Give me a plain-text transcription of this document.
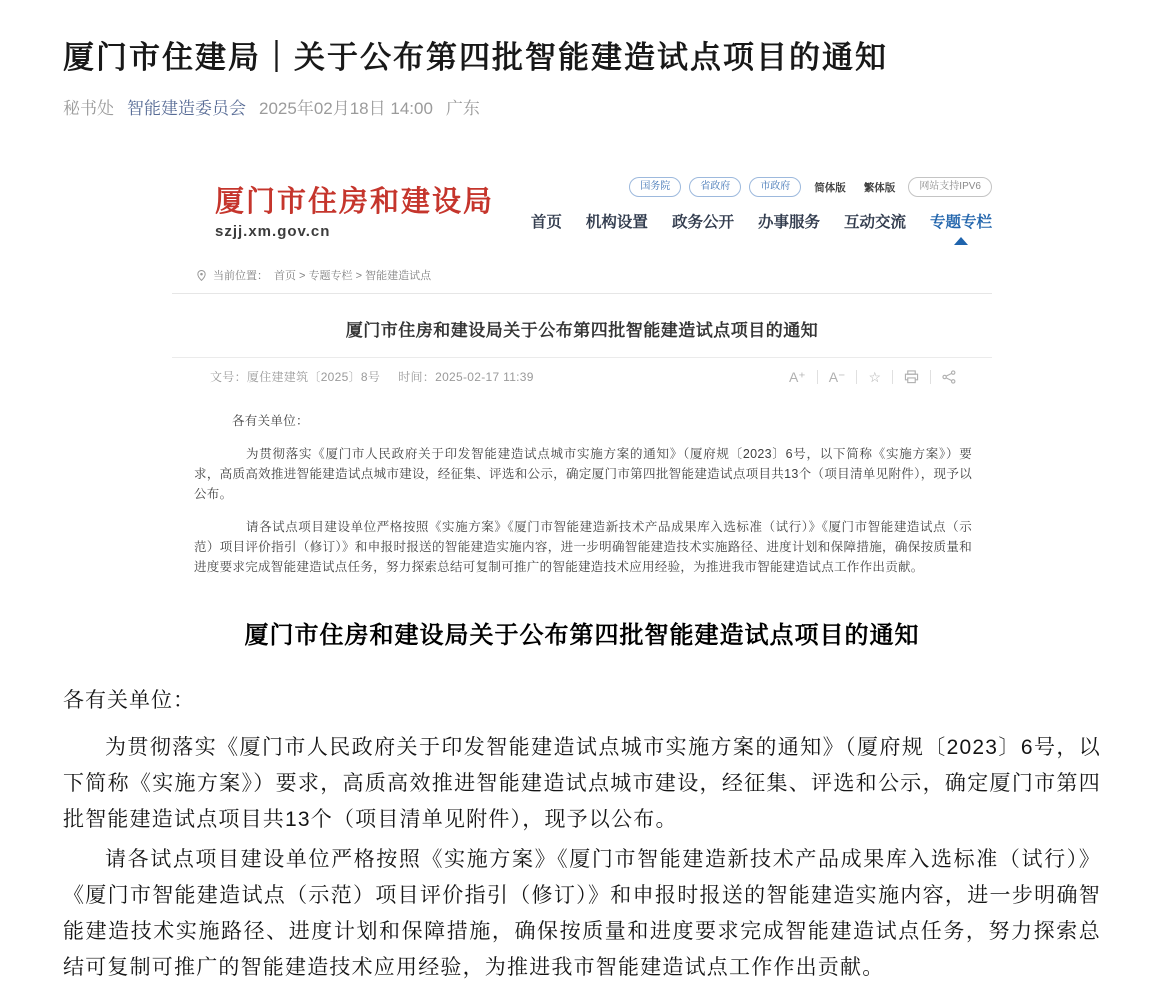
厦门市住建局｜关于公布第四批智能建造试点项目的通知
秘书处 智能建造委员会 2025年02月18日 14:00 广东
厦门市住房和建设局
szjj.xm.gov.cn
国务院	省政府	市政府	简体版 繁体版	网站支持IPV6
首页 机构设置 政务公开 办事服务 互动交流 专题专栏
当前位置： 首页 > 专题专栏 > 智能建造试点
厦门市住房和建设局关于公布第四批智能建造试点项目的通知
文号：厦住建建筑〔2025〕8号 时间：2025-02-17 11:39	A⁺ A⁻ ☆
各有关单位：

为贯彻落实《厦门市人民政府关于印发智能建造试点城市实施方案的通知》（厦府规〔2023〕6号，以下简称《实施方案》）要求，高质高效推进智能建造试点城市建设，经征集、评选和公示，确定厦门市第四批智能建造试点项目共13个（项目清单见附件），现予以公布。

请各试点项目建设单位严格按照《实施方案》《厦门市智能建造新技术产品成果库入选标准（试行）》《厦门市智能建造试点（示范）项目评价指引（修订）》和申报时报送的智能建造实施内容，进一步明确智能建造技术实施路径、进度计划和保障措施，确保按质量和进度要求完成智能建造试点任务，努力探索总结可复制可推广的智能建造技术应用经验，为推进我市智能建造试点工作作出贡献。

厦门市住房和建设局关于公布第四批智能建造试点项目的通知
各有关单位：

为贯彻落实《厦门市人民政府关于印发智能建造试点城市实施方案的通知》（厦府规〔2023〕6号，以下简称《实施方案》）要求，高质高效推进智能建造试点城市建设，经征集、评选和公示，确定厦门市第四批智能建造试点项目共13个（项目清单见附件），现予以公布。

请各试点项目建设单位严格按照《实施方案》《厦门市智能建造新技术产品成果库入选标准（试行）》《厦门市智能建造试点（示范）项目评价指引（修订）》和申报时报送的智能建造实施内容，进一步明确智能建造技术实施路径、进度计划和保障措施，确保按质量和进度要求完成智能建造试点任务，努力探索总结可复制可推广的智能建造技术应用经验，为推进我市智能建造试点工作作出贡献。
